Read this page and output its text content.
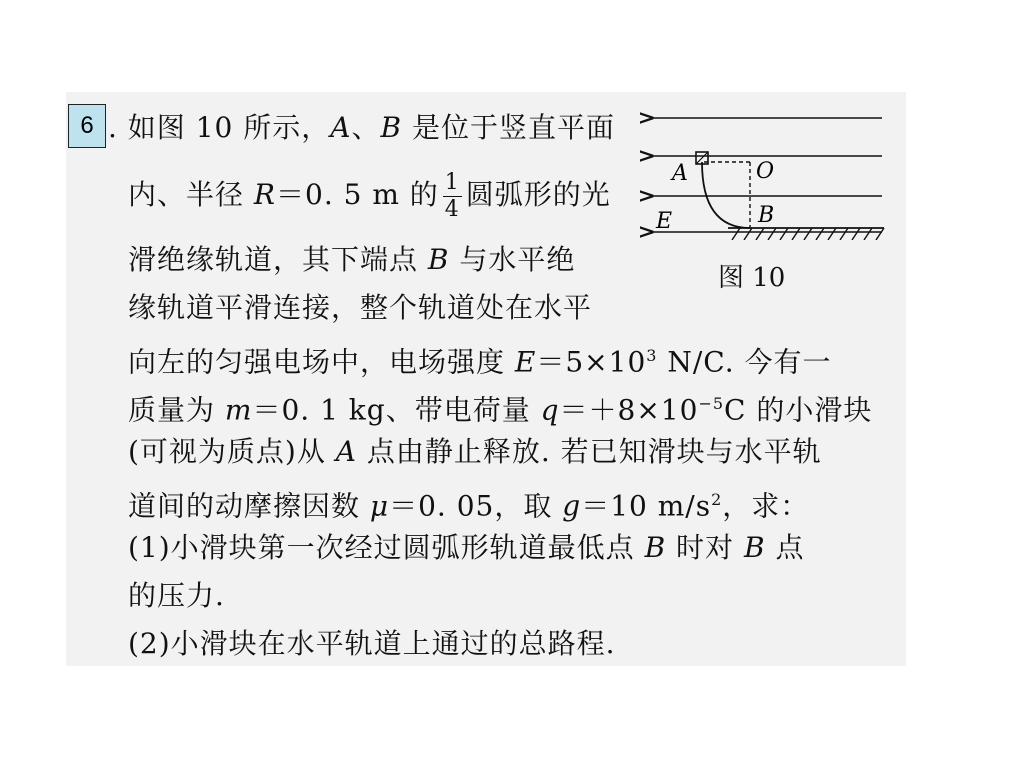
6 . 如图 10 所示，A、B 是位于竖直平面
内、半径 R＝0. 5 m 的 $\frac{1}{4}$ 圆弧形的光
滑绝缘轨道，其下端点 B 与水平绝
缘轨道平滑连接，整个轨道处在水平
向左的匀强电场中，电场强度 $E=5\times 10^3$ N/C. 今有一
质量为 m＝0. 1 kg、带电荷量 $q=+8\times 10^{-5}C$ 的小滑块
(可视为质点)从 A 点由静止释放. 若已知滑块与水平轨
道间的动摩擦因数 μ＝0. 05，取 g＝10 $m/s^2$，求：
(1)小滑块第一次经过圆弧形轨道最低点 B 时对 B 点
的压力.
(2)小滑块在水平轨道上通过的总路程.
A	O
B
E
图 10
